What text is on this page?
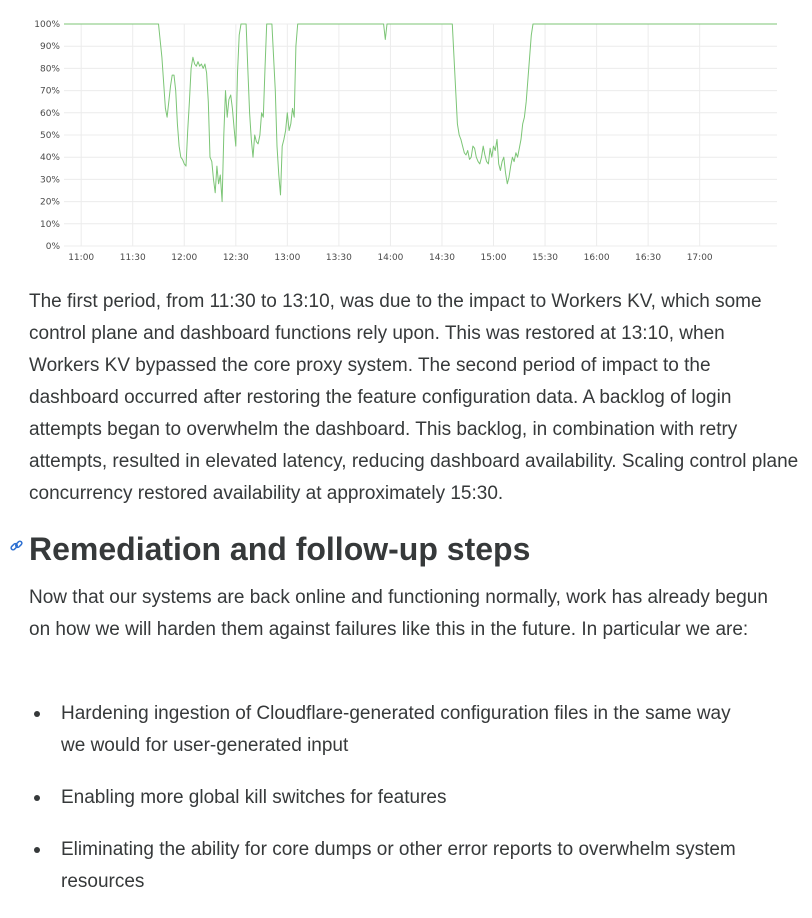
0%
10%
20%
30%
40%
50%
60%
70%
80%
90%
100%
11:00	11:30	12:00	12:30	13:00	13:30	14:00	14:30	15:00	15:30	16:00	16:30	17:00

The first period, from 11:30 to 13:10, was due to the impact to Workers KV, which some control plane and dashboard functions rely upon. This was restored at 13:10, when Workers KV bypassed the core proxy system. The second period of impact to the dashboard occurred after restoring the feature configuration data. A backlog of login attempts began to overwhelm the dashboard. This backlog, in combination with retry attempts, resulted in elevated latency, reducing dashboard availability. Scaling control plane concurrency restored availability at approximately 15:30.

Remediation and follow-up steps

Now that our systems are back online and functioning normally, work has already begun on how we will harden them against failures like this in the future. In particular we are:

Hardening ingestion of Cloudflare-generated configuration files in the same way we would for user-generated input
Enabling more global kill switches for features
Eliminating the ability for core dumps or other error reports to overwhelm system resources
